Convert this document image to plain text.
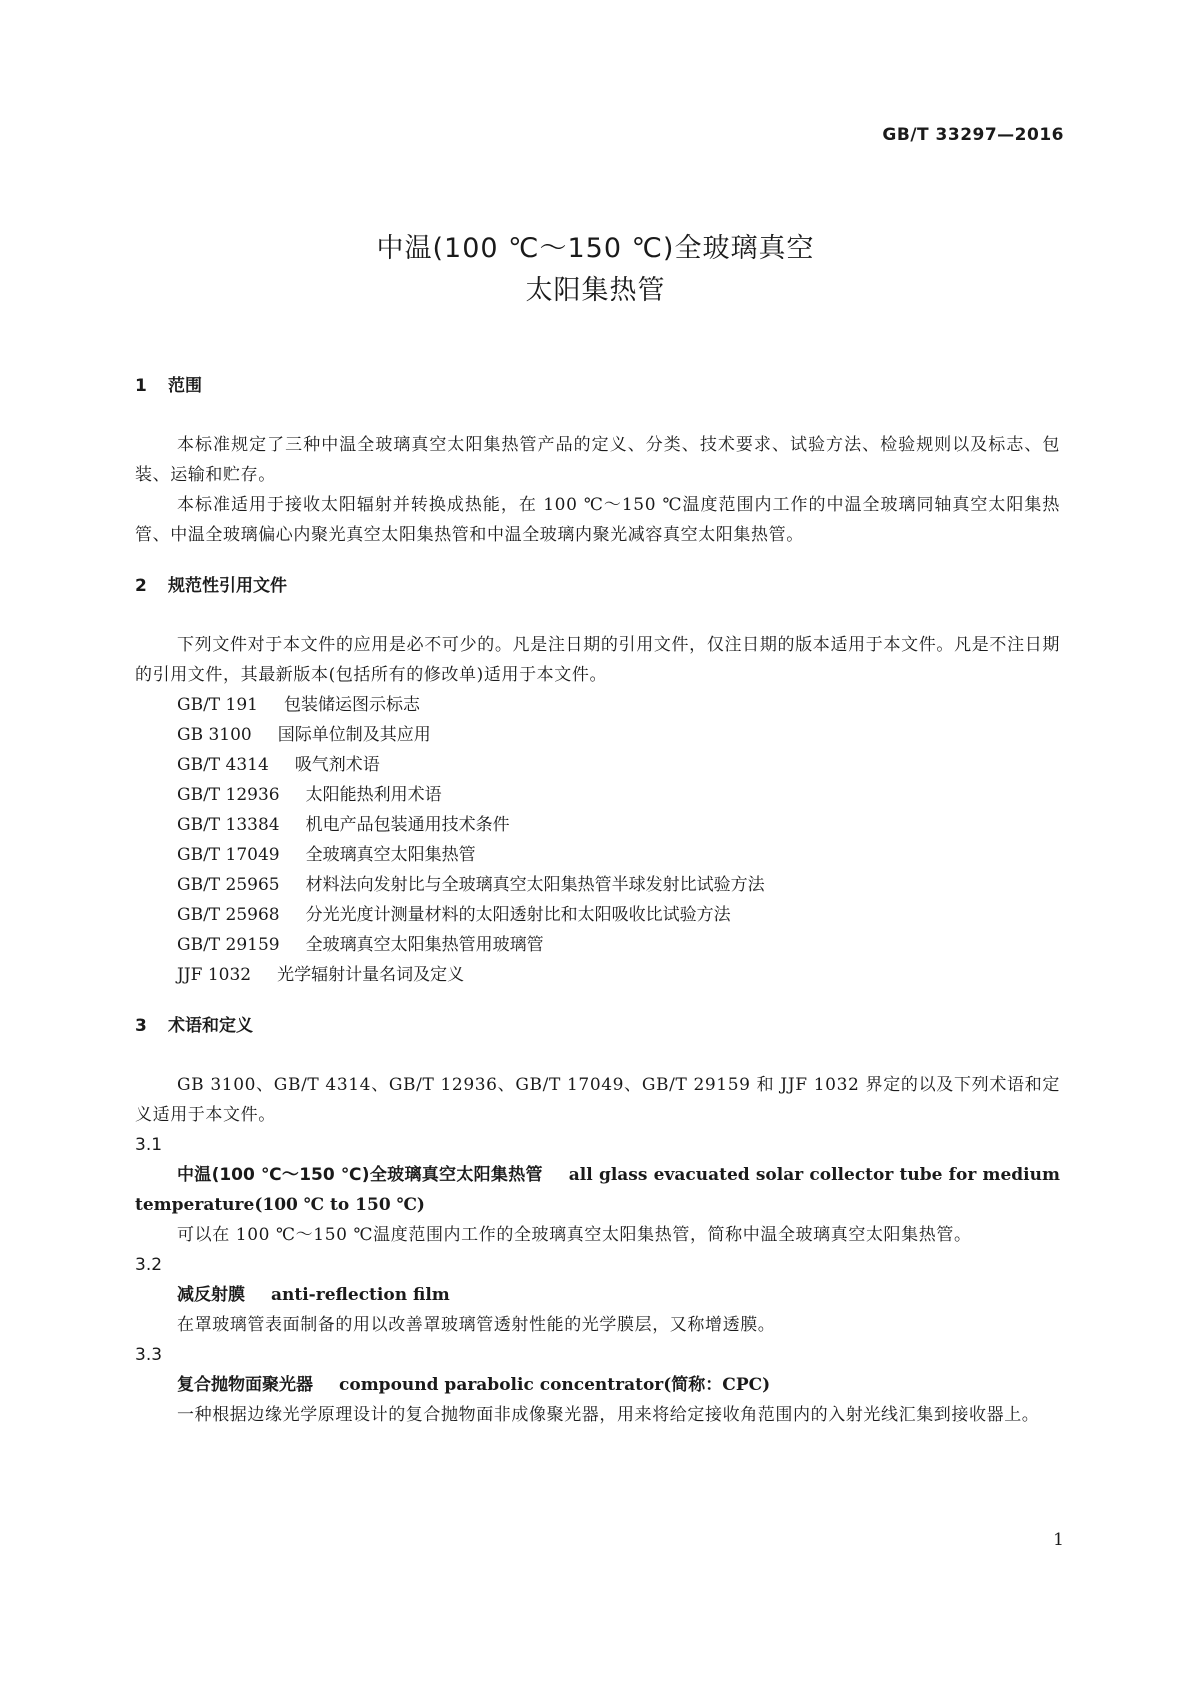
GB/T 33297—2016
中温(100 ℃～150 ℃)全玻璃真空
太阳集热管
1 范围
本标准规定了三种中温全玻璃真空太阳集热管产品的定义、分类、技术要求、试验方法、检验规则以及标志、包装、运输和贮存。
本标准适用于接收太阳辐射并转换成热能，在 100 ℃～150 ℃温度范围内工作的中温全玻璃同轴真空太阳集热管、中温全玻璃偏心内聚光真空太阳集热管和中温全玻璃内聚光减容真空太阳集热管。
2 规范性引用文件
下列文件对于本文件的应用是必不可少的。凡是注日期的引用文件，仅注日期的版本适用于本文件。凡是不注日期的引用文件，其最新版本(包括所有的修改单)适用于本文件。
GB/T 191 包装储运图示标志
GB 3100 国际单位制及其应用
GB/T 4314 吸气剂术语
GB/T 12936 太阳能热利用术语
GB/T 13384 机电产品包装通用技术条件
GB/T 17049 全玻璃真空太阳集热管
GB/T 25965 材料法向发射比与全玻璃真空太阳集热管半球发射比试验方法
GB/T 25968 分光光度计测量材料的太阳透射比和太阳吸收比试验方法
GB/T 29159 全玻璃真空太阳集热管用玻璃管
JJF 1032 光学辐射计量名词及定义
3 术语和定义
GB 3100、GB/T 4314、GB/T 12936、GB/T 17049、GB/T 29159 和 JJF 1032 界定的以及下列术语和定义适用于本文件。
3.1
中温(100 ℃～150 ℃)全玻璃真空太阳集热管 all glass evacuated solar collector tube for medium temperature(100 ℃ to 150 ℃)
可以在 100 ℃～150 ℃温度范围内工作的全玻璃真空太阳集热管，简称中温全玻璃真空太阳集热管。
3.2
减反射膜 anti-reflection film
在罩玻璃管表面制备的用以改善罩玻璃管透射性能的光学膜层，又称增透膜。
3.3
复合抛物面聚光器 compound parabolic concentrator(简称：CPC)
一种根据边缘光学原理设计的复合抛物面非成像聚光器，用来将给定接收角范围内的入射光线汇集到接收器上。
1
